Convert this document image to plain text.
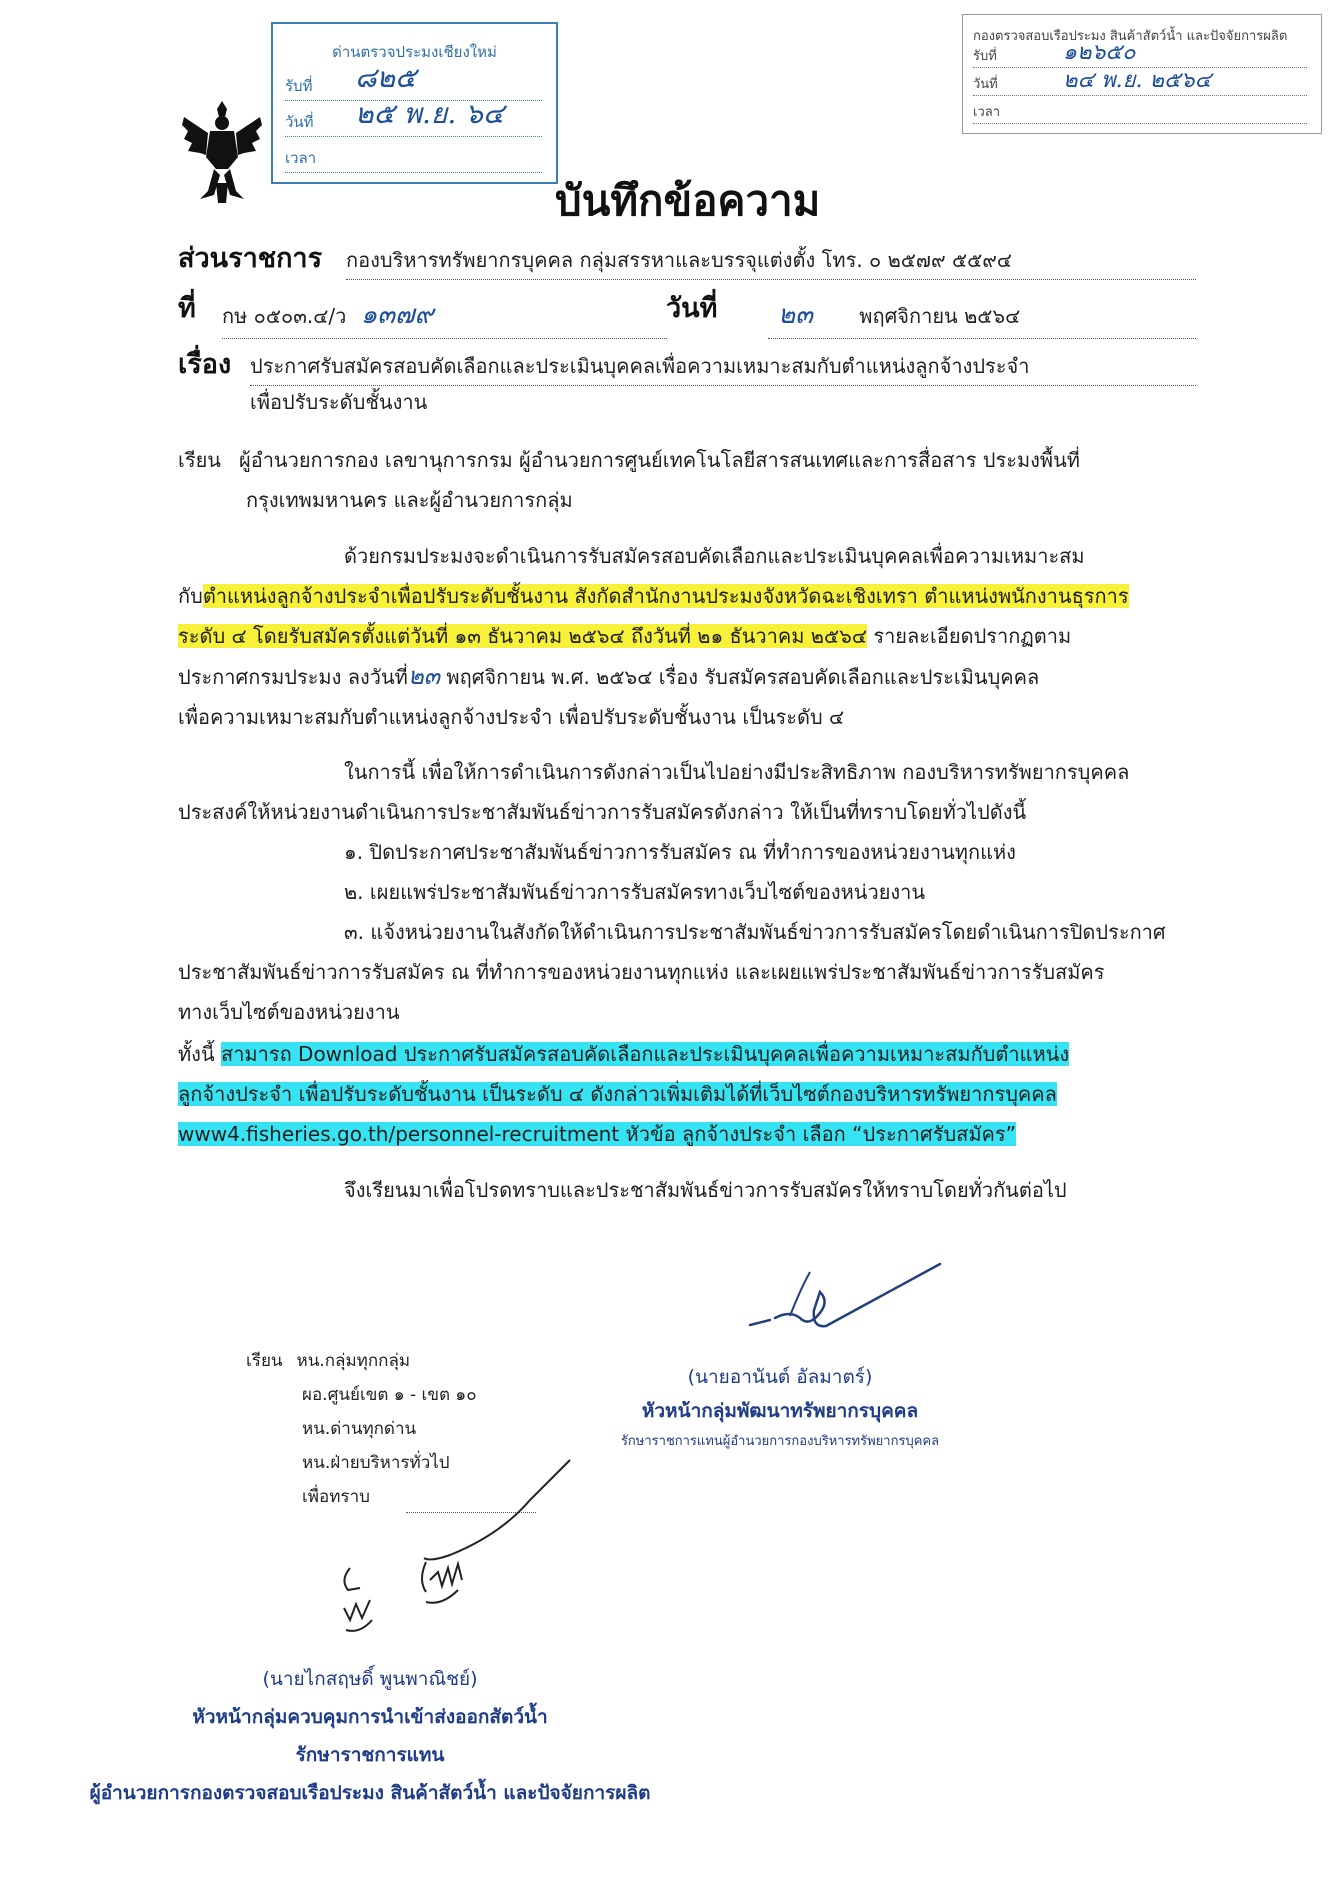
ด่านตรวจประมงเชียงใหม่
รับที่ ๘๒๕
วันที่ ๒๕ พ.ย. ๖๔
เวลา
กองตรวจสอบเรือประมง สินค้าสัตว์น้ำ และปัจจัยการผลิต
รับที่	๑๒๖๕๐
วันที่	๒๔ พ.ย. ๒๕๖๔
เวลา
บันทึกข้อความ
ส่วนราชการ กองบริหารทรัพยากรบุคคล กลุ่มสรรหาและบรรจุแต่งตั้ง โทร. ๐ ๒๕๗๙ ๕๕๙๔
ที่ กษ ๐๕๐๓.๔/ว ๑๓๗๙	วันที่	๒๓ พฤศจิกายน ๒๕๖๔
เรื่อง ประกาศรับสมัครสอบคัดเลือกและประเมินบุคคลเพื่อความเหมาะสมกับตำแหน่งลูกจ้างประจำ
เพื่อปรับระดับชั้นงาน
เรียน ผู้อำนวยการกอง เลขานุการกรม ผู้อำนวยการศูนย์เทคโนโลยีสารสนเทศและการสื่อสาร ประมงพื้นที่
กรุงเทพมหานคร และผู้อำนวยการกลุ่ม
ด้วยกรมประมงจะดำเนินการรับสมัครสอบคัดเลือกและประเมินบุคคลเพื่อความเหมาะสม
กับตำแหน่งลูกจ้างประจำเพื่อปรับระดับชั้นงาน สังกัดสำนักงานประมงจังหวัดฉะเชิงเทรา ตำแหน่งพนักงานธุรการ
ระดับ ๔ โดยรับสมัครตั้งแต่วันที่ ๑๓ ธันวาคม ๒๕๖๔ ถึงวันที่ ๒๑ ธันวาคม ๒๕๖๔ รายละเอียดปรากฏตาม
ประกาศกรมประมง ลงวันที่๒๓ พฤศจิกายน พ.ศ. ๒๕๖๔ เรื่อง รับสมัครสอบคัดเลือกและประเมินบุคคล
เพื่อความเหมาะสมกับตำแหน่งลูกจ้างประจำ เพื่อปรับระดับชั้นงาน เป็นระดับ ๔
ในการนี้ เพื่อให้การดำเนินการดังกล่าวเป็นไปอย่างมีประสิทธิภาพ กองบริหารทรัพยากรบุคคล
ประสงค์ให้หน่วยงานดำเนินการประชาสัมพันธ์ข่าวการรับสมัครดังกล่าว ให้เป็นที่ทราบโดยทั่วไปดังนี้
๑. ปิดประกาศประชาสัมพันธ์ข่าวการรับสมัคร ณ ที่ทำการของหน่วยงานทุกแห่ง
๒. เผยแพร่ประชาสัมพันธ์ข่าวการรับสมัครทางเว็บไซต์ของหน่วยงาน
๓. แจ้งหน่วยงานในสังกัดให้ดำเนินการประชาสัมพันธ์ข่าวการรับสมัครโดยดำเนินการปิดประกาศ
ประชาสัมพันธ์ข่าวการรับสมัคร ณ ที่ทำการของหน่วยงานทุกแห่ง และเผยแพร่ประชาสัมพันธ์ข่าวการรับสมัคร
ทางเว็บไซต์ของหน่วยงาน
ทั้งนี้ สามารถ Download ประกาศรับสมัครสอบคัดเลือกและประเมินบุคคลเพื่อความเหมาะสมกับตำแหน่ง
ลูกจ้างประจำ เพื่อปรับระดับชั้นงาน เป็นระดับ ๔ ดังกล่าวเพิ่มเติมได้ที่เว็บไซต์กองบริหารทรัพยากรบุคคล
www4.fisheries.go.th/personnel-recruitment หัวข้อ ลูกจ้างประจำ เลือก “ประกาศรับสมัคร”
จึงเรียนมาเพื่อโปรดทราบและประชาสัมพันธ์ข่าวการรับสมัครให้ทราบโดยทั่วกันต่อไป
(นายอานันต์ อัลมาตร์)
หัวหน้ากลุ่มพัฒนาทรัพยากรบุคคล
รักษาราชการแทนผู้อำนวยการกองบริหารทรัพยากรบุคคล
เรียน หน.กลุ่มทุกกลุ่ม
ผอ.ศูนย์เขต ๑ - เขต ๑๐
หน.ด่านทุกด่าน
หน.ฝ่ายบริหารทั่วไป
เพื่อทราบ
(นายไกสฤษดิ์ พูนพาณิชย์)
หัวหน้ากลุ่มควบคุมการนำเข้าส่งออกสัตว์น้ำ
รักษาราชการแทน
ผู้อำนวยการกองตรวจสอบเรือประมง สินค้าสัตว์น้ำ และปัจจัยการผลิต
